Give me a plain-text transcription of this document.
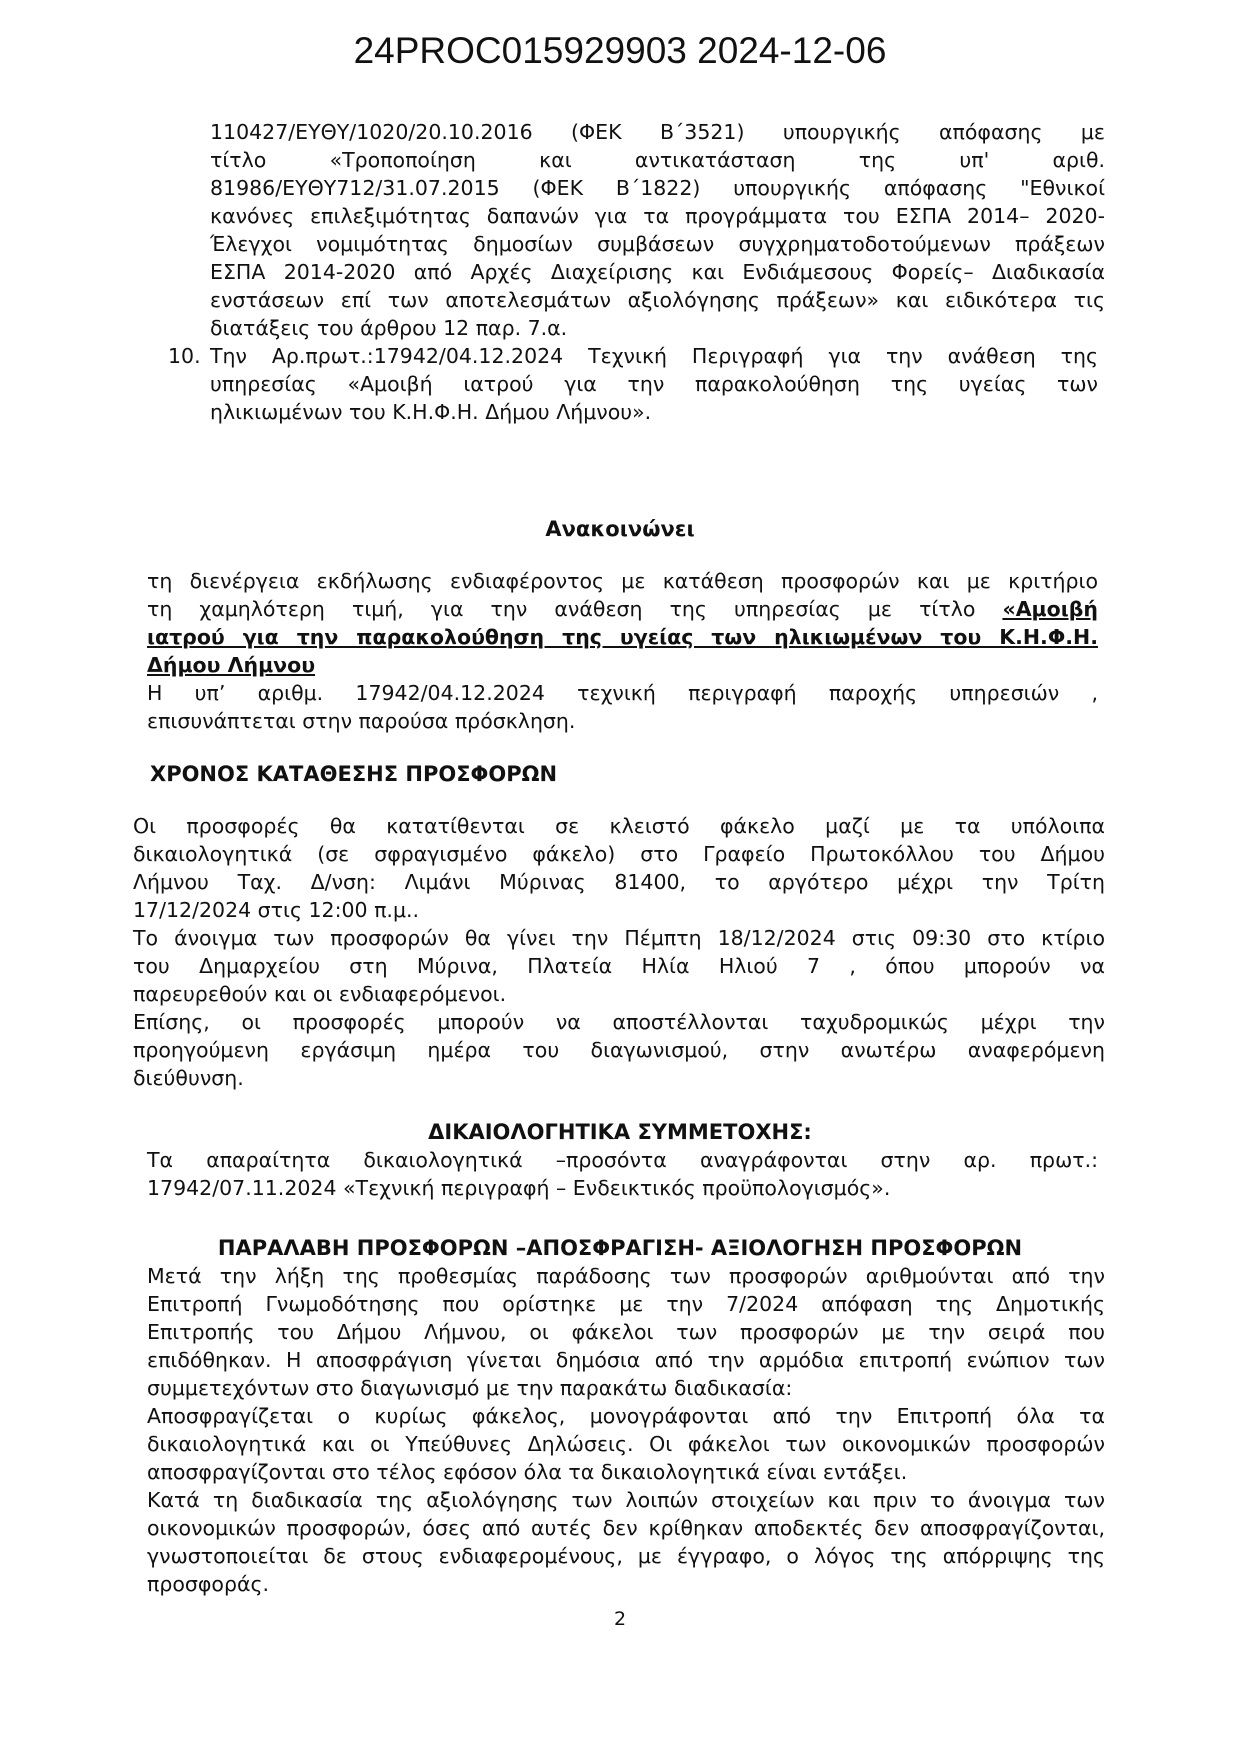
24PROC015929903 2024-12-06

110427/ΕΥΘΥ/1020/20.10.2016 (ΦΕΚ Β΄3521) υπουργικής απόφασης με

τίτλο «Τροποποίηση και αντικατάσταση της υπ' αριθ.

81986/ΕΥΘΥ712/31.07.2015 (ΦΕΚ Β΄1822) υπουργικής απόφασης "Εθνικοί

κανόνες επιλεξιμότητας δαπανών για τα προγράμματα του ΕΣΠΑ 2014– 2020-

Έλεγχοι νομιμότητας δημοσίων συμβάσεων συγχρηματοδοτούμενων πράξεων

ΕΣΠΑ 2014-2020 από Αρχές Διαχείρισης και Ενδιάμεσους Φορείς– Διαδικασία

ενστάσεων επί των αποτελεσμάτων αξιολόγησης πράξεων» και ειδικότερα τις

διατάξεις του άρθρου 12 παρ. 7.α.

10. Την Αρ.πρωτ.:17942/04.12.2024 Τεχνική Περιγραφή για την ανάθεση της

υπηρεσίας «Αμοιβή ιατρού για την παρακολούθηση της υγείας των

ηλικιωμένων του Κ.Η.Φ.Η. Δήμου Λήμνου».

Ανακοινώνει

τη διενέργεια εκδήλωσης ενδιαφέροντος με κατάθεση προσφορών και με κριτήριο

τη χαμηλότερη τιμή, για την ανάθεση της υπηρεσίας με τίτλο «Αμοιβή

ιατρού για την παρακολούθηση της υγείας των ηλικιωμένων του Κ.Η.Φ.Η.

Δήμου Λήμνου

Η υπ’ αριθμ. 17942/04.12.2024 τεχνική περιγραφή παροχής υπηρεσιών ,

επισυνάπτεται στην παρούσα πρόσκληση.

ΧΡΟΝΟΣ ΚΑΤΑΘΕΣΗΣ ΠΡΟΣΦΟΡΩΝ

Οι προσφορές θα κατατίθενται σε κλειστό φάκελο μαζί με τα υπόλοιπα

δικαιολογητικά (σε σφραγισμένο φάκελο) στο Γραφείο Πρωτοκόλλου του Δήμου

Λήμνου Ταχ. Δ/νση: Λιμάνι Μύρινας 81400, το αργότερο μέχρι την Τρίτη

17/12/2024 στις 12:00 π.μ..

Το άνοιγμα των προσφορών θα γίνει την Πέμπτη 18/12/2024 στις 09:30 στο κτίριο

του Δημαρχείου στη Μύρινα, Πλατεία Ηλία Ηλιού 7 , όπου μπορούν να

παρευρεθούν και οι ενδιαφερόμενοι.

Επίσης, οι προσφορές μπορούν να αποστέλλονται ταχυδρομικώς μέχρι την

προηγούμενη εργάσιμη ημέρα του διαγωνισμού, στην ανωτέρω αναφερόμενη

διεύθυνση.

ΔΙΚΑΙΟΛΟΓΗΤΙΚΑ ΣΥΜΜΕΤΟΧΗΣ:

Τα απαραίτητα δικαιολογητικά –προσόντα αναγράφονται στην αρ. πρωτ.:

17942/07.11.2024 «Τεχνική περιγραφή – Ενδεικτικός προϋπολογισμός».

ΠΑΡΑΛΑΒΗ ΠΡΟΣΦΟΡΩΝ –ΑΠΟΣΦΡΑΓΙΣΗ- ΑΞΙΟΛΟΓΗΣΗ ΠΡΟΣΦΟΡΩΝ

Μετά την λήξη της προθεσμίας παράδοσης των προσφορών αριθμούνται από την

Επιτροπή Γνωμοδότησης που ορίστηκε με την 7/2024 απόφαση της Δημοτικής

Επιτροπής του Δήμου Λήμνου, οι φάκελοι των προσφορών με την σειρά που

επιδόθηκαν. Η αποσφράγιση γίνεται δημόσια από την αρμόδια επιτροπή ενώπιον των

συμμετεχόντων στο διαγωνισμό με την παρακάτω διαδικασία:

Αποσφραγίζεται ο κυρίως φάκελος, μονογράφονται από την Επιτροπή όλα τα

δικαιολογητικά και οι Υπεύθυνες Δηλώσεις. Οι φάκελοι των οικονομικών προσφορών

αποσφραγίζονται στο τέλος εφόσον όλα τα δικαιολογητικά είναι εντάξει.

Κατά τη διαδικασία της αξιολόγησης των λοιπών στοιχείων και πριν το άνοιγμα των

οικονομικών προσφορών, όσες από αυτές δεν κρίθηκαν αποδεκτές δεν αποσφραγίζονται,

γνωστοποιείται δε στους ενδιαφερομένους, με έγγραφο, ο λόγος της απόρριψης της

προσφοράς.

2
